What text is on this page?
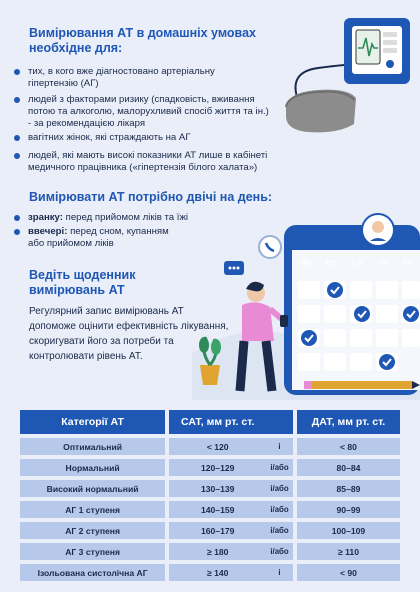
Вимірювання АТ в домашніх умовах необхідне для:
тих, в кого вже діагностовано артеріальну гіпертензію (АГ)
людей з факторами ризику (спадковість, вживання потою та алкоголю, малорухливий спосіб життя та ін.) - за рекомендацією лікаря
вагітних жінок, які страждають на АГ
людей, які мають високі показники АТ лише в кабінеті медичного працівника («гіпертензія білого халата»)
Вимірювати АТ потрібно двічі на день:
зранку: перед прийомом ліків та їжі
ввечері: перед сном, купанням або прийомом ліків
Ведіть щоденник вимірювань АТ
Регулярний запис вимірювань АТ допоможе оцінити ефективність лікування, скоригувати його за потреби та контролювати рівень АТ.
ПН ВТ СР ЧТ ПТ
Категорії АТ		САТ, мм рт. ст.			ДАТ, мм рт. ст.
Оптимальний		< 120	і		< 80
Нормальний		120–129	і/або		80–84
Високий нормальний		130–139	і/або		85–89
АГ 1 ступеня		140–159	і/або		90–99
АГ 2 ступеня		160–179	і/або		100–109
АГ 3 ступеня		≥ 180	і/або		≥ 110
Ізольована систолічна АГ		≥ 140	і		< 90
